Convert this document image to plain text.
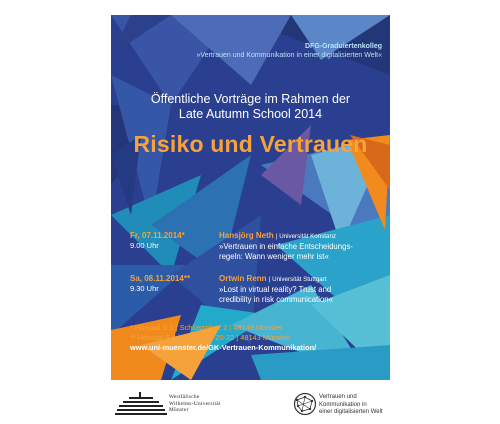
DFG-Graduiertenkolleg
»Vertrauen und Kommunikation in einer digitalisierten Welt«
Öffentliche Vorträge im Rahmen der
Late Autumn School 2014
Risiko und Vertrauen
Fr, 07.11.2014*
9.00 Uhr
Hansjörg Neth | Universität Konstanz
»Vertrauen in einfache Entscheidungs-
regeln: Wann weniger mehr ist«
Sa, 08.11.2014**
9.30 Uhr
Ortwin Renn | Universität Stuttgart
»Lost in virtual reality? Trust and
credibility in risk communication«
* Hörsaal S 1 | Schlossplatz 2 | 48149 Münster
** Hörsaal F 4 | Domplatz 20-22 | 48143 Münster
www.uni-muenster.de/GK-Vertrauen-Kommunikation/
Westfälische
Wilhelms-Universität
Münster
Vertrauen und
Kommunikation in
einer digitalisierten Welt
